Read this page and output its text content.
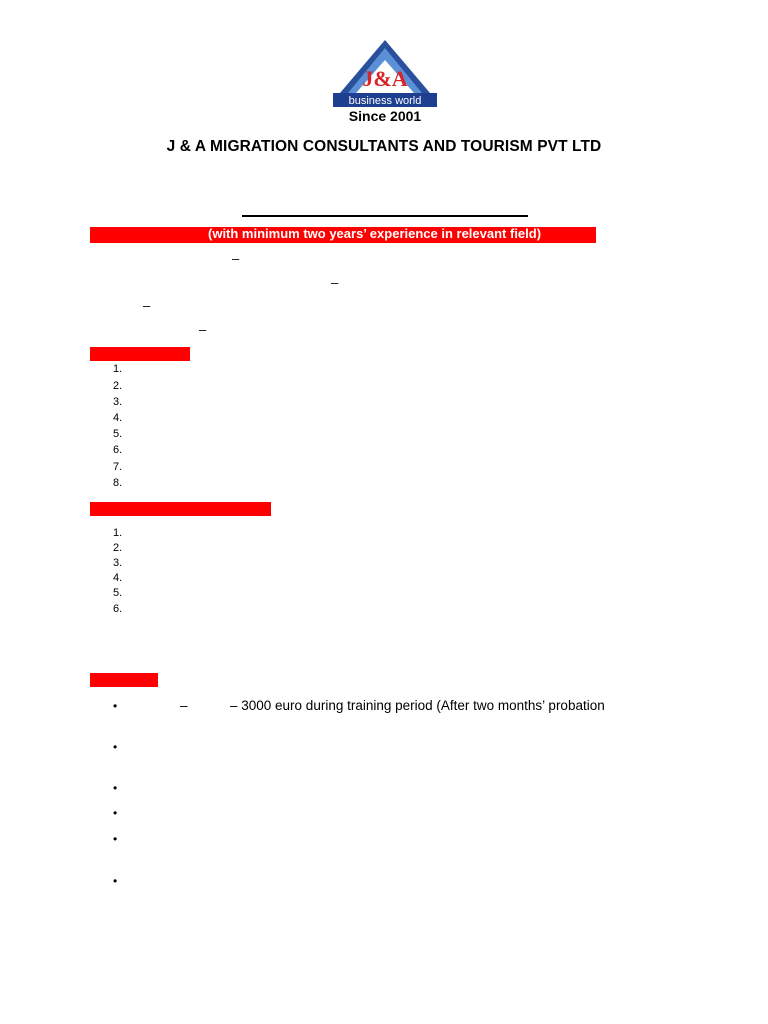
J&A
business world
Since 2001
J & A MIGRATION CONSULTANTS AND TOURISM PVT LTD
(with minimum two years’ experience in relevant field)
–
–
–
–
1.
2.
3.
4.
5.
6.
7.
8.
1.
2.
3.
4.
5.
6.
•	–	– 3000 euro during training period (After two months’ probation
•
•
•
•
•
